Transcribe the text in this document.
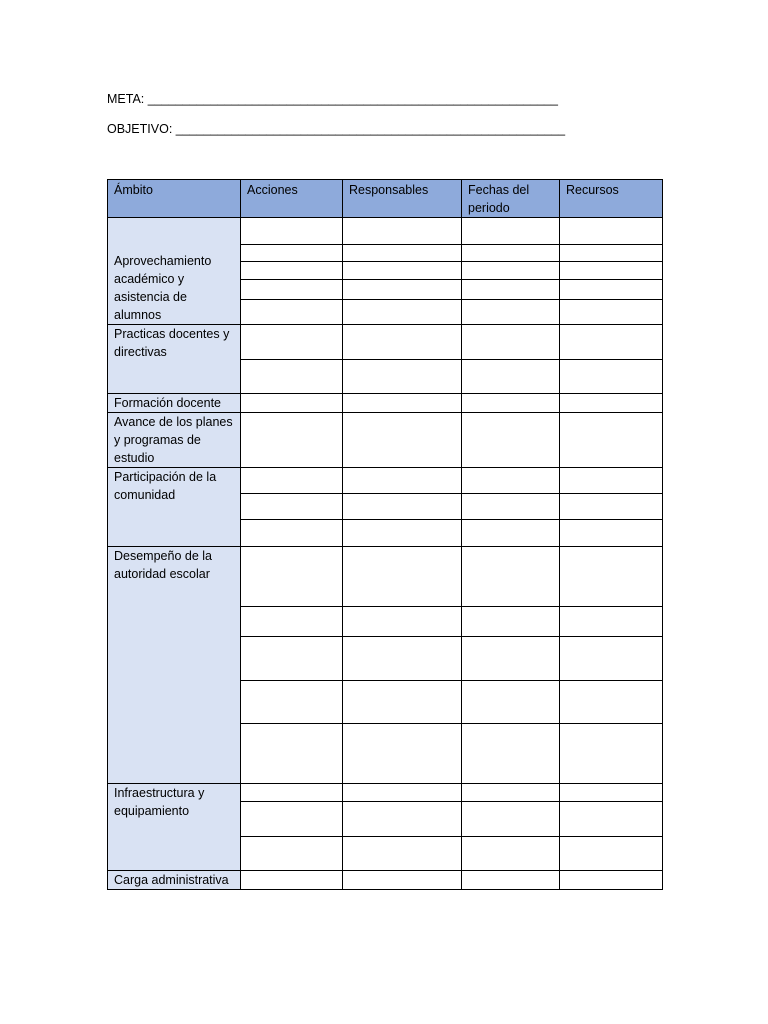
META: ___________________________________________________________
OBJETIVO: ________________________________________________________
Ámbito	Acciones	Responsables	Fechas del periodo	Recursos

Aprovechamiento académico y asistencia de alumnos				

Practicas docentes y directivas				

Formación docente				

Avance de los planes y programas de estudio				

Participación de la comunidad				

Desempeño de la autoridad escolar				

Infraestructura y equipamiento				

Carga administrativa				
